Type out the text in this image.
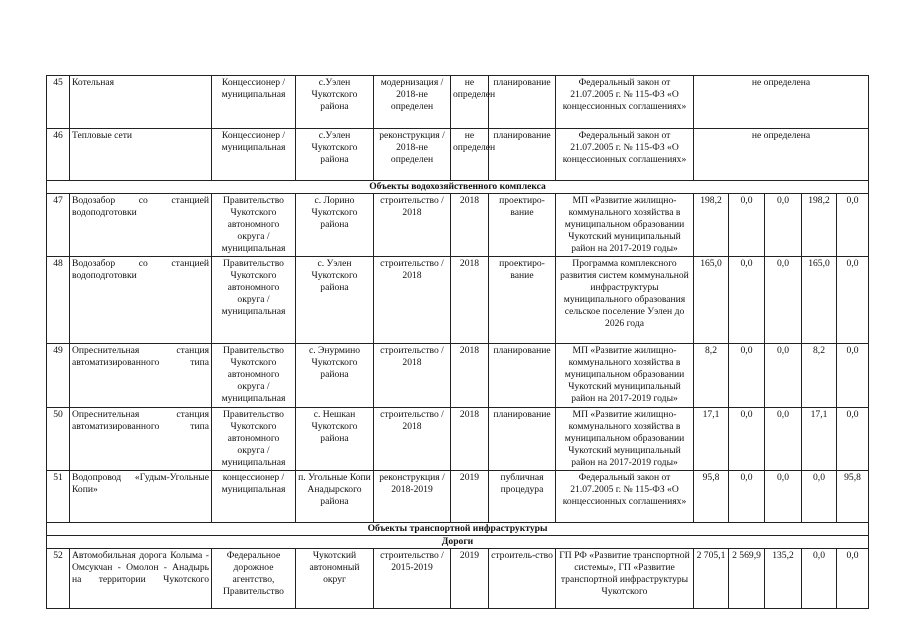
45	Котельная	Концессионер / муниципальная	с.Уэлен Чукотского района	модернизация / 2018-не определен	не определен	планирование	Федеральный закон от 21.07.2005 г. № 115-ФЗ «О концессионных соглашениях»	не определена				
46	Тепловые сети	Концессионер / муниципальная	с.Уэлен Чукотского района	реконструкция / 2018-не определен	не определен	планирование	Федеральный закон от 21.07.2005 г. № 115-ФЗ «О концессионных соглашениях»	не определена				
Объекты водохозяйственного комплекса												
47	Водозабор со станцией водоподготовки	Правительство Чукотского автономного округа / муниципальная	с. Лорино Чукотского района	строительство / 2018	2018	проектиро-вание	МП «Развитие жилищно-коммунального хозяйства в муниципальном образовании Чукотский муниципальный район на 2017-2019 годы»	198,2	0,0	0,0	198,2	0,0
48	Водозабор со станцией водоподготовки	Правительство Чукотского автономного округа / муниципальная	с. Уэлен Чукотского района	строительство / 2018	2018	проектиро-вание	Программа комплексного развития систем коммунальной инфраструктуры муниципального образования сельское поселение Уэлен до 2026 года	165,0	0,0	0,0	165,0	0,0
49	Опреснительная станция автоматизированного типа	Правительство Чукотского автономного округа / муниципальная	с. Энурмино Чукотского района	строительство / 2018	2018	планирование	МП «Развитие жилищно-коммунального хозяйства в муниципальном образовании Чукотский муниципальный район на 2017-2019 годы»	8,2	0,0	0,0	8,2	0,0
50	Опреснительная станция автоматизированного типа	Правительство Чукотского автономного округа / муниципальная	с. Нешкан Чукотского района	строительство / 2018	2018	планирование	МП «Развитие жилищно-коммунального хозяйства в муниципальном образовании Чукотский муниципальный район на 2017-2019 годы»	17,1	0,0	0,0	17,1	0,0
51	Водопровод «Гудым-Угольные Копи»	концессионер / муниципальная	п. Угольные Копи Анадырского района	реконструкция / 2018-2019	2019	публичная процедура	Федеральный закон от 21.07.2005 г. № 115-ФЗ «О концессионных соглашениях»	95,8	0,0	0,0	0,0	95,8
Объекты транспортной инфраструктуры												
Дороги												
52	Автомобильная дорога Колыма - Омсукчан - Омолон - Анадырь на территории Чукотского	Федеральное дорожное агентство, Правительство	Чукотский автономный округ	строительство / 2015-2019	2019	строитель-ство	ГП РФ «Развитие транспортной системы», ГП «Развитие транспортной инфраструктуры Чукотского	2 705,1	2 569,9	135,2	0,0	0,0
